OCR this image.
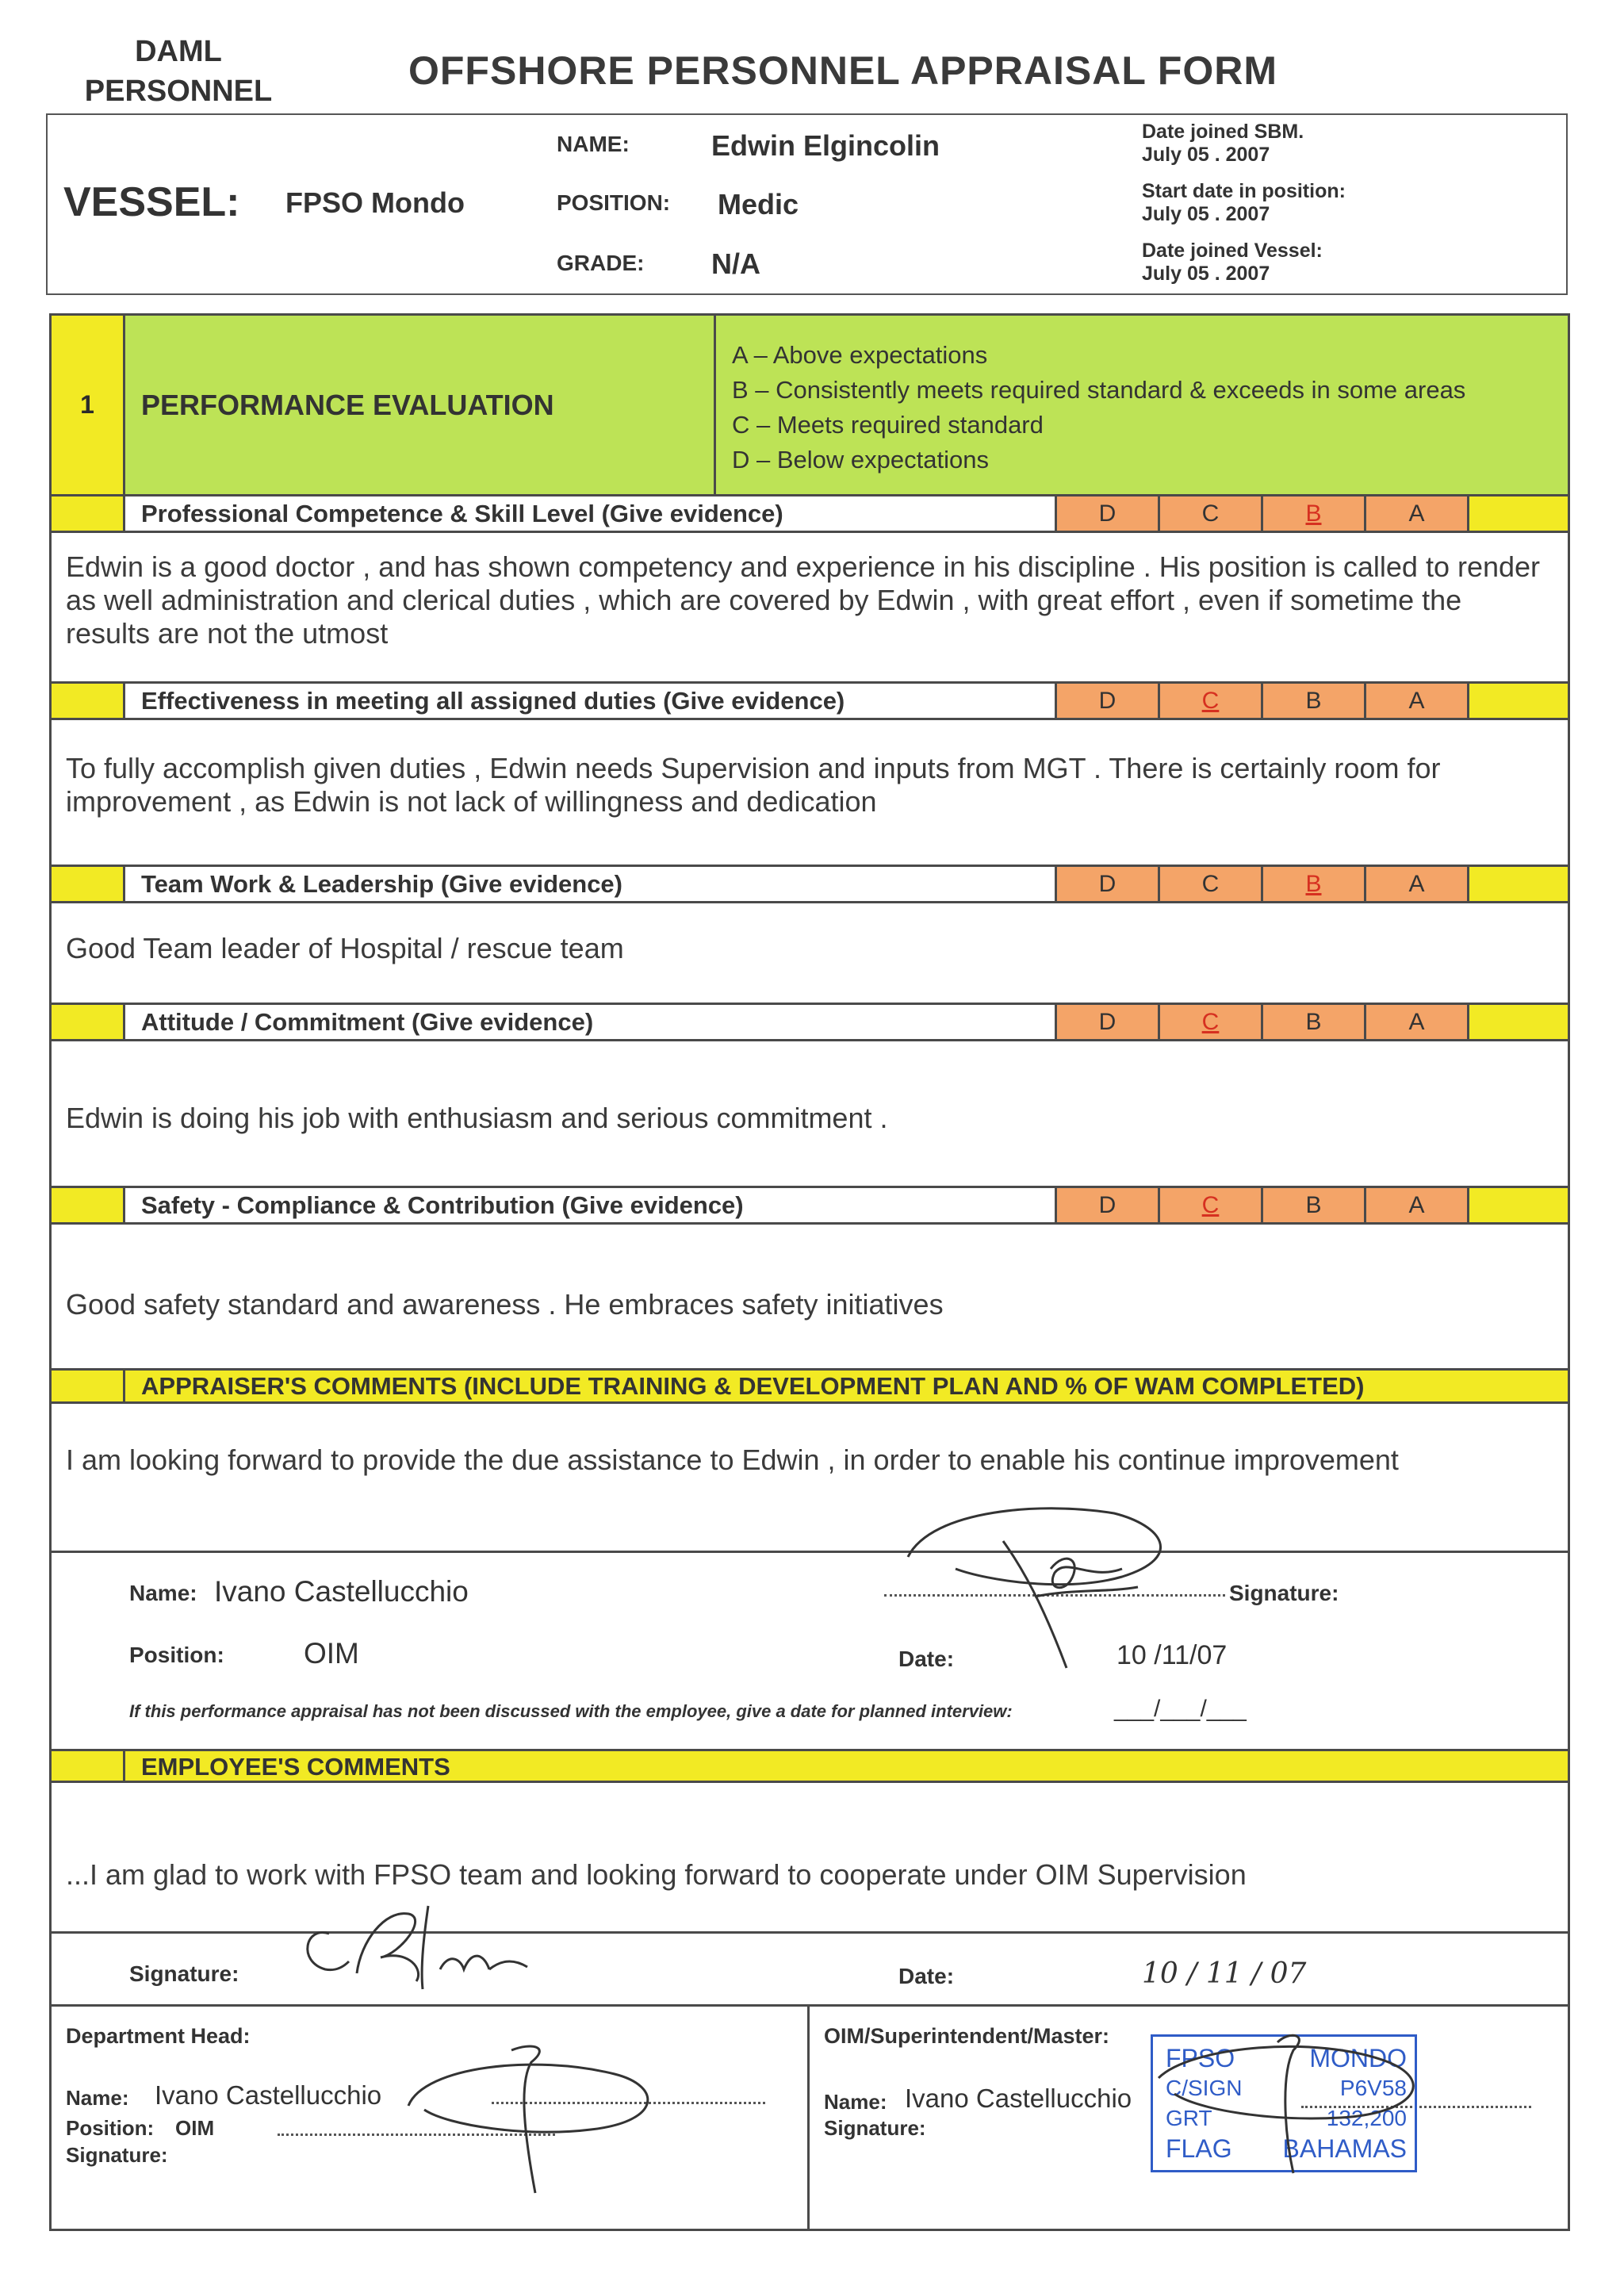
DAML
PERSONNEL	OFFSHORE PERSONNEL APPRAISAL FORM
VESSEL: FPSO Mondo
NAME:	Edwin Elgincolin
POSITION: Medic
GRADE: N/A
Date joined SBM.
July 05 . 2007
Start date in position:
July 05 . 2007
Date joined Vessel:
July 05 . 2007
1	PERFORMANCE EVALUATION
A – Above expectations
B – Consistently meets required standard & exceeds in some areas
C – Meets required standard
D – Below expectations
Professional Competence & Skill Level (Give evidence)	D	C	B	A
Edwin is a good doctor , and has shown competency and experience in his discipline . His position is called to render as well administration and clerical duties , which are covered by Edwin , with great effort , even if sometime the results are not the utmost
Effectiveness in meeting all assigned duties (Give evidence)	D	C	B	A
To fully accomplish given duties , Edwin needs Supervision and inputs from MGT . There is certainly room for improvement , as Edwin is not lack of willingness and dedication
Team Work & Leadership (Give evidence)	D	C	B	A
Good Team leader of Hospital / rescue team
Attitude / Commitment (Give evidence)	D	C	B	A
Edwin is doing his job with enthusiasm and serious commitment .
Safety - Compliance & Contribution (Give evidence)	D	C	B	A
Good safety standard and awareness . He embraces safety initiatives
APPRAISER'S COMMENTS (INCLUDE TRAINING & DEVELOPMENT PLAN AND % OF WAM COMPLETED)
I am looking forward to provide the due assistance to Edwin , in order to enable his continue improvement
Name: Ivano Castellucchio
Position:	OIM
Signature:
Date:	10 /11/07
If this performance appraisal has not been discussed with the employee, give a date for planned interview:	___/___/___
EMPLOYEE'S COMMENTS
...I am glad to work with FPSO team and looking forward to cooperate under OIM Supervision
Signature:	Date:	10 / 11 / 07
Department Head:
Name: Ivano Castellucchio
Position: OIM
Signature:
OIM/Superintendent/Master:
Name: Ivano Castellucchio
Signature:
FPSO	MONDO
C/SIGN	P6V58
GRT	132,200
FLAG BAHAMAS
